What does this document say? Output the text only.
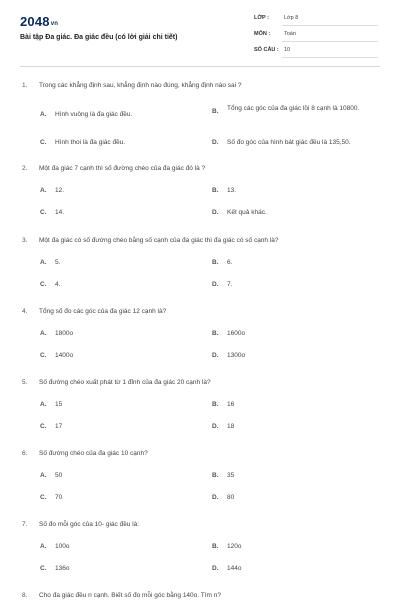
2048vn
Bài tập Đa giác. Đa giác đều (có lời giải chi tiết)
LỚP :	Lớp 8
MÔN :	Toán
SỐ CÂU : 10
1. Trong các khẳng định sau, khẳng định nào đúng, khẳng định nào sai ?
A. Hình vuông là đa giác đều.	B. Tổng các góc của đa giác lồi 8 cạnh là 10800.
C. Hình thoi là đa giác đều.	D. Số đo góc của hình bát giác đều là 135,50.
2. Một đa giác 7 cạnh thì số đường chéo của đa giác đó là ?
A. 12.	B. 13.
C. 14.	D. Kết quả khác.
3. Một đa giác có số đường chéo bằng số cạnh của đa giác thì đa giác có số cạnh là?
A. 5.	B. 6.
C. 4.	D. 7.
4. Tổng số đo các góc của đa giác 12 cạnh là?
A. 1800o	B. 1600o
C. 1400o	D. 1300o
5. Số đường chéo xuất phát từ 1 đỉnh của đa giác 20 cạnh là?
A. 15	B. 16
C. 17	D. 18
6. Số đường chéo của đa giác 10 cạnh?
A. 50	B. 35
C. 70	D. 80
7. Số đo mỗi góc của 10- giác đều là:
A. 100o	B. 120o
C. 136o	D. 144o
8. Cho đa giác đều n cạnh. Biết số đo mỗi góc bằng 140o. Tìm n?
